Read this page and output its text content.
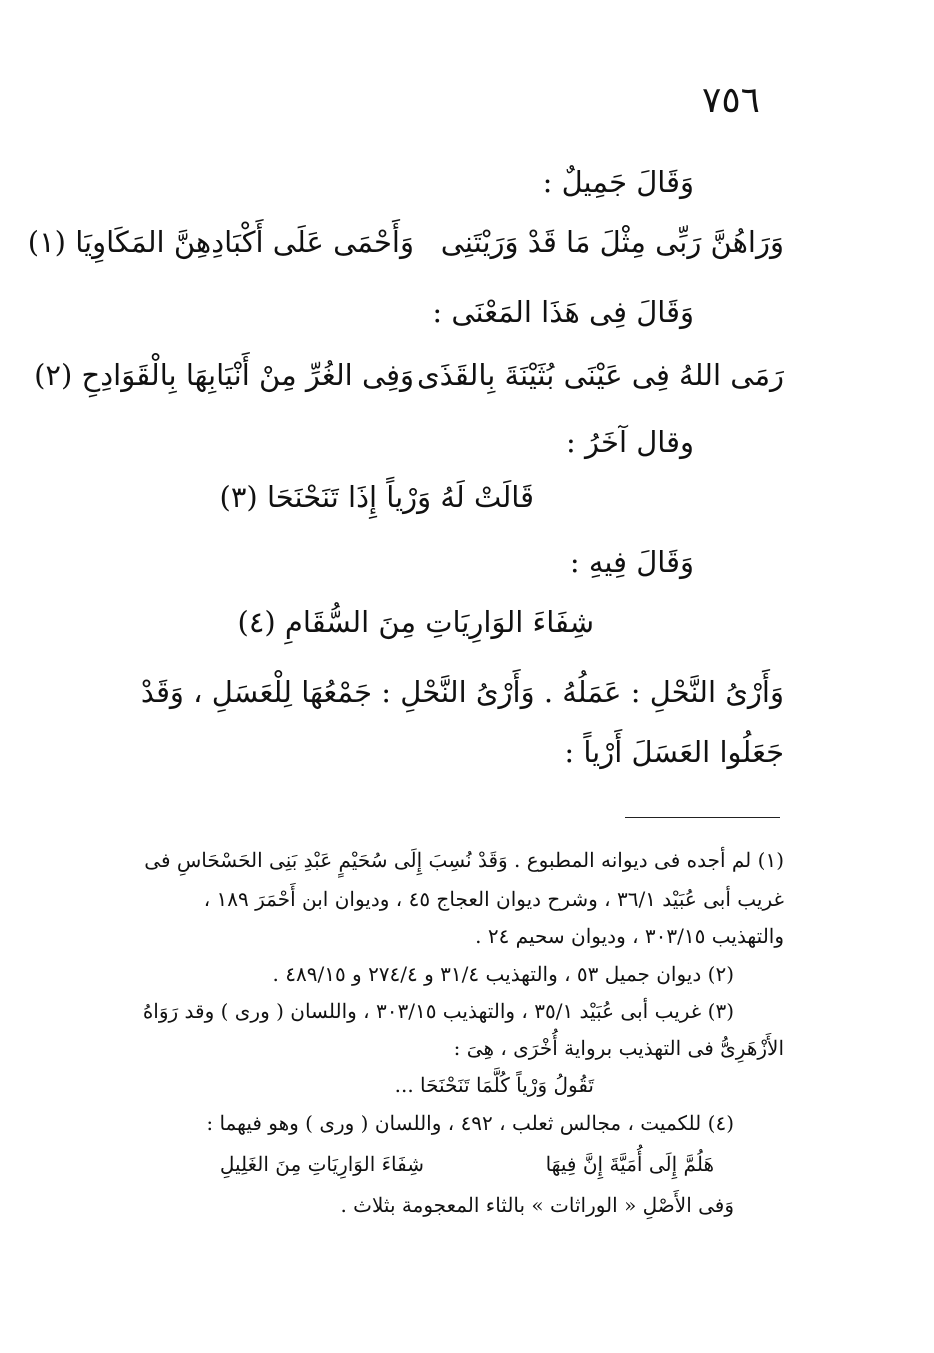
٧٥٦
وَقَالَ جَمِيلٌ :
وَرَاهُنَّ رَبِّى مِثْلَ مَا قَدْ وَرَيْتَنِى
وَأَحْمَى عَلَى أَكْبَادِهِنَّ المَكَاوِيَا (١)
وَقَالَ فِى هَذَا المَعْنَى :
رَمَى اللهُ فِى عَيْنَى بُثَيْنَةَ بِالقَذَى
وَفِى الغُرِّ مِنْ أَنْيَابِهَا بِالْقَوَادِحِ (٢)
وقال آخَرُ :
قَالَتْ لَهُ وَرْياً إِذَا تَنَحْنَحَا (٣)
وَقَالَ فِيهِ :
شِفَاءَ الوَارِيَاتِ مِنَ السُّقَامِ (٤)
وَأَرْىُ النَّحْلِ : عَمَلُهُ . وَأَرْىُ النَّحْلِ : جَمْعُهَا لِلْعَسَلِ ، وَقَدْ
جَعَلُوا العَسَلَ أَرْياً :
(١) لم أجده فى ديوانه المطبوع . وَقَدْ نُسِبَ إِلَى سُحَيْمٍ عَبْدِ بَنِى الحَسْحَاسِ فى
غريب أبى عُبَيْد ٣٦/١ ، وشرح ديوان العجاج ٤٥ ، وديوان ابن أَحْمَرَ ١٨٩ ،
والتهذيب ٣٠٣/١٥ ، وديوان سحيم ٢٤ .
(٢) ديوان جميل ٥٣ ، والتهذيب ٣١/٤ و ٢٧٤/٤ و ٤٨٩/١٥ .
(٣) غريب أبى عُبَيْد ٣٥/١ ، والتهذيب ٣٠٣/١٥ ، واللسان ( ورى ) وقد رَوَاهُ
الأَزْهَرِىُّ فى التهذيب برواية أُخْرَى ، هِىَ :
تَقُولُ وَرْياً كُلَّمَا تَنَحْنَحَا ...
(٤) للكميت ، مجالس ثعلب ، ٤٩٢ ، واللسان ( ورى ) وهو فيهما :
هَلُمَّ إِلَى أُمَيَّةَ إِنَّ فِيهَا
شِفَاءَ الوَارِيَاتِ مِنَ الغَلِيلِ
وَفى الأَصْلِ « الوراثات » بالثاء المعجومة بثلاث .
